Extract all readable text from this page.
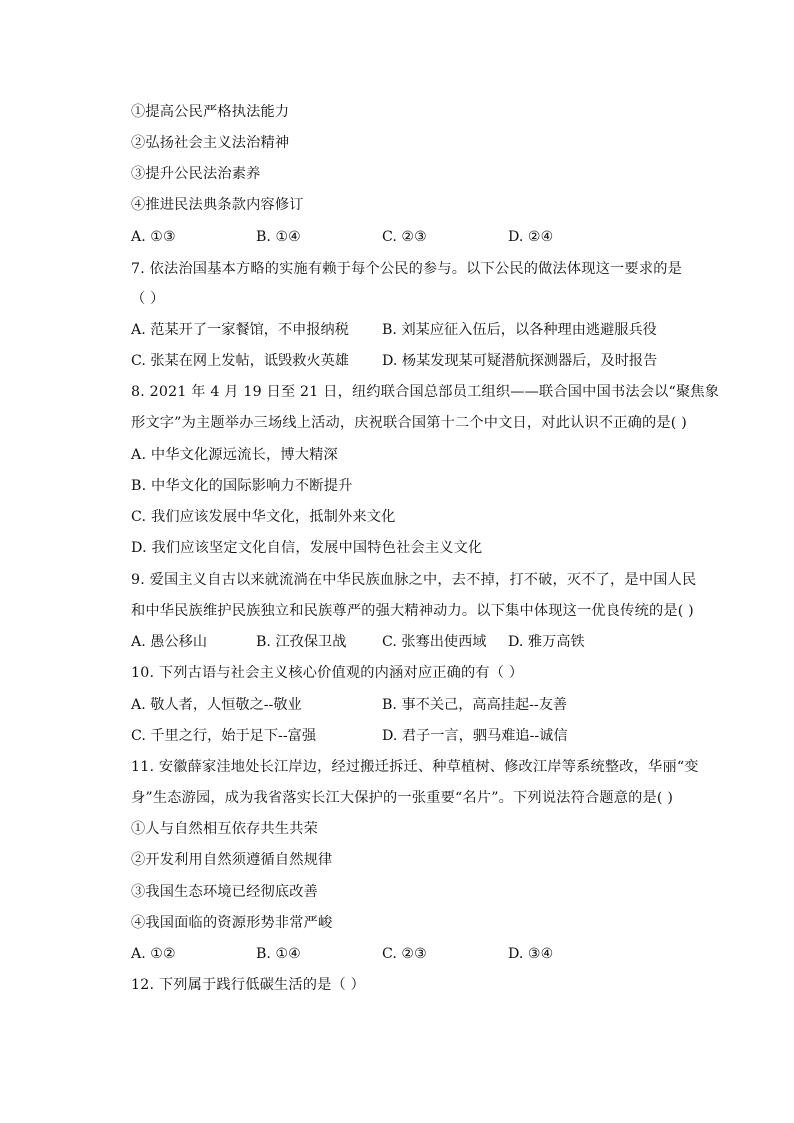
①提高公民严格执法能力
②弘扬社会主义法治精神
③提升公民法治素养
④推进民法典条款内容修订
A. ①③	B. ①④	C. ②③	D. ②④
7. 依法治国基本方略的实施有赖于每个公民的参与。以下公民的做法体现这一要求的是
（ ）
A. 范某开了一家餐馆，不申报纳税 B. 刘某应征入伍后，以各种理由逃避服兵役
C. 张某在网上发帖，诋毁救火英雄 D. 杨某发现某可疑潜航探测器后，及时报告
8. 2021 年 4 月 19 日至 21 日，纽约联合国总部员工组织——联合国中国书法会以“聚焦象
形文字”为主题举办三场线上活动，庆祝联合国第十二个中文日，对此认识不正确的是( )
A. 中华文化源远流长，博大精深
B. 中华文化的国际影响力不断提升
C. 我们应该发展中华文化，抵制外来文化
D. 我们应该坚定文化自信，发展中国特色社会主义文化
9. 爱国主义自古以来就流淌在中华民族血脉之中，去不掉，打不破，灭不了，是中国人民
和中华民族维护民族独立和民族尊严的强大精神动力。以下集中体现这一优良传统的是( )
A. 愚公移山	B. 江孜保卫战	C. 张骞出使西域 D. 雅万高铁
10. 下列古语与社会主义核心价值观的内涵对应正确的有（ ）
A. 敬人者，人恒敬之--敬业	B. 事不关己，高高挂起--友善
C. 千里之行，始于足下--富强	D. 君子一言，驷马难追--诚信
11. 安徽薛家洼地处长江岸边，经过搬迁拆迁、种草植树、修改江岸等系统整改，华丽“变
身”生态游园，成为我省落实长江大保护的一张重要“名片”。下列说法符合题意的是( )
①人与自然相互依存共生共荣
②开发利用自然须遵循自然规律
③我国生态环境已经彻底改善
④我国面临的资源形势非常严峻
A. ①②	B. ①④	C. ②③	D. ③④
12. 下列属于践行低碳生活的是（ ）
